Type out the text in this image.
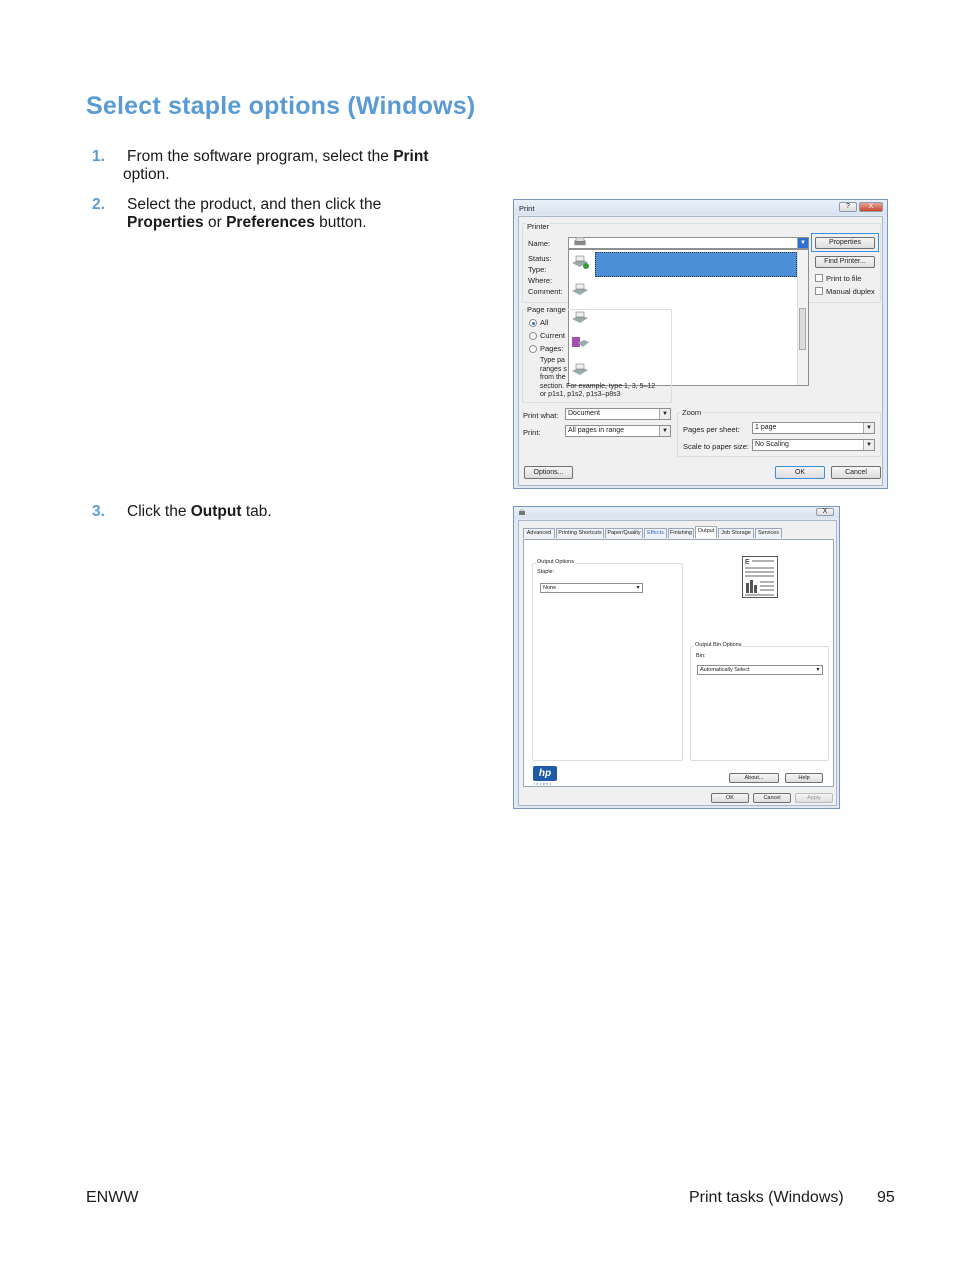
Select staple options (Windows)
1.	From the software program, select the Print
option.
2.	Select the product, and then click the
Properties or Preferences button.
3.	Click the Output tab.
Print	?	X
Printer
Name:
Status:
Type:
Where:
Comment:
▼	Properties
Find Printer...
Print to file
Manual duplex
Page range
All
Current
Pages:
Type pa
ranges s
from the
section. For example, type 1, 3, 5–12
or p1s1, p1s2, p1s3–p8s3
Print what:	Document	▼
Print:	All pages in range	▼
Zoom
Pages per sheet:	1 page	▼
Scale to paper size: No Scaling	▼
Options...	OK	Cancel
X
Advanced	Printing Shortcuts	Paper/Quality	Effects	Finishing	Output	Job Storage	Services
Output Options
Staple:
None	▾
E
Output Bin Options
Bin:
Automatically Select	▾
hp
invent
About...	Help
OK	Cancel	Apply
ENWW	Print tasks (Windows) 95
